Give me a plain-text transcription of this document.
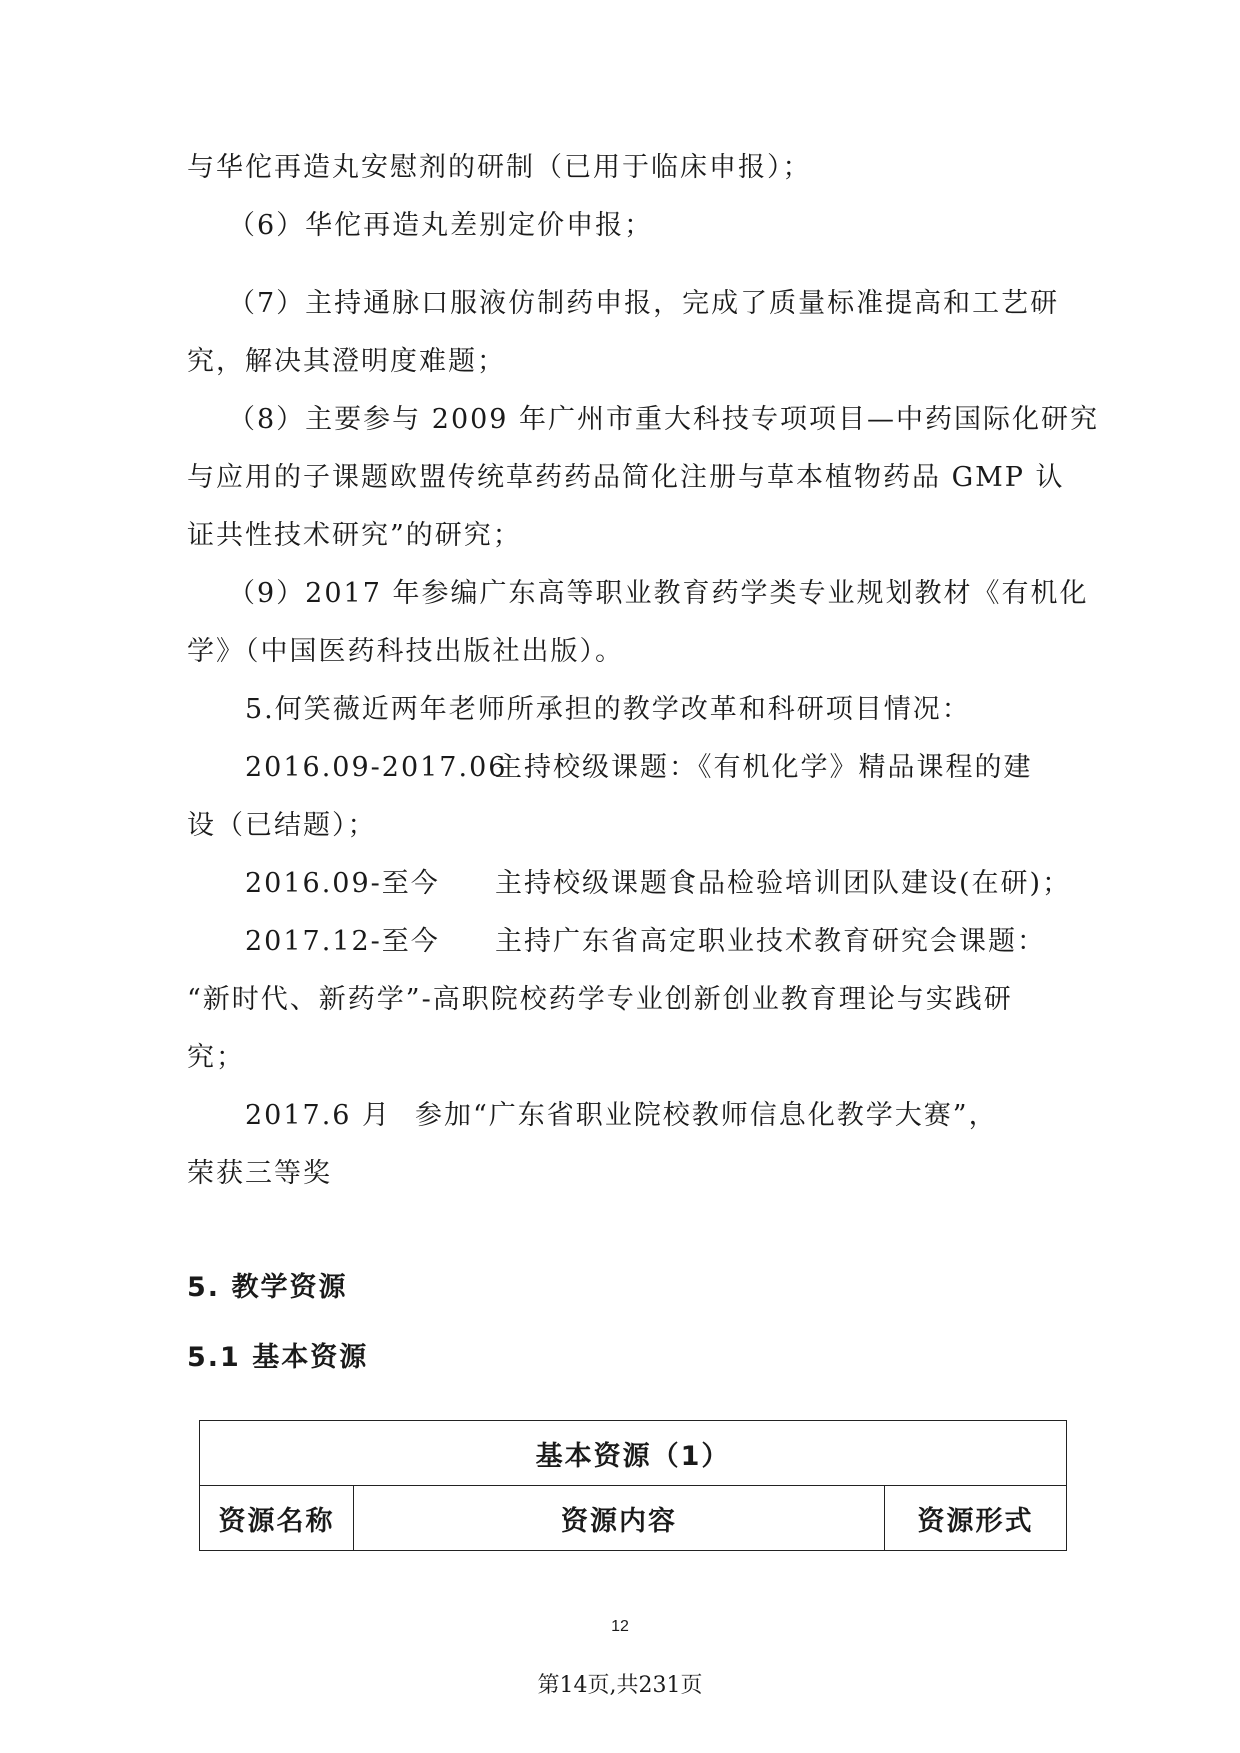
与华佗再造丸安慰剂的研制（已用于临床申报）；
（6）华佗再造丸差别定价申报；
（7）主持通脉口服液仿制药申报，完成了质量标准提高和工艺研
究，解决其澄明度难题；
（8）主要参与 2009 年广州市重大科技专项项目—中药国际化研究
与应用的子课题欧盟传统草药药品简化注册与草本植物药品 GMP 认
证共性技术研究”的研究；
（9）2017 年参编广东高等职业教育药学类专业规划教材《有机化
学》（中国医药科技出版社出版）。
5.何笑薇近两年老师所承担的教学改革和科研项目情况：
2016.09-2017.06主持校级课题：《有机化学》精品课程的建
设（已结题）；
2016.09-至今 主持校级课题食品检验培训团队建设(在研)；
2017.12-至今 主持广东省高定职业技术教育研究会课题：
“新时代、新药学”-高职院校药学专业创新创业教育理论与实践研
究；
2017.6 月 参加“广东省职业院校教师信息化教学大赛”，
荣获三等奖
5. 教学资源
5.1 基本资源
基本资源（1）
资源名称	资源内容	资源形式
12
第14页,共231页
